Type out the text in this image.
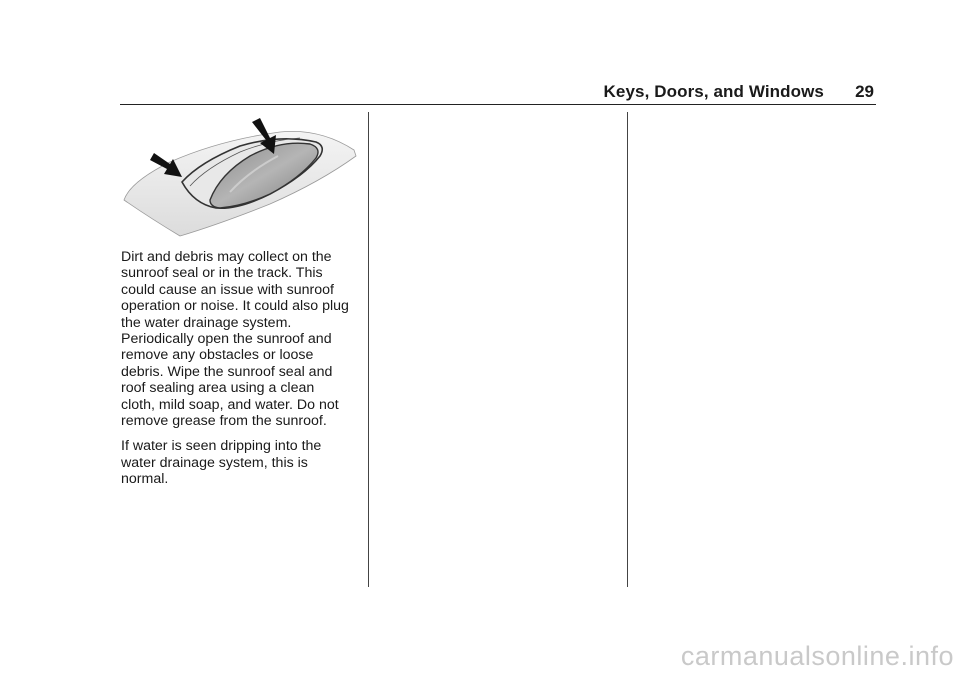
Keys, Doors, and Windows 29

Dirt and debris may collect on the
sunroof seal or in the track. This
could cause an issue with sunroof
operation or noise. It could also plug
the water drainage system.
Periodically open the sunroof and
remove any obstacles or loose
debris. Wipe the sunroof seal and
roof sealing area using a clean
cloth, mild soap, and water. Do not
remove grease from the sunroof.

If water is seen dripping into the
water drainage system, this is
normal.

carmanualsonline.info
